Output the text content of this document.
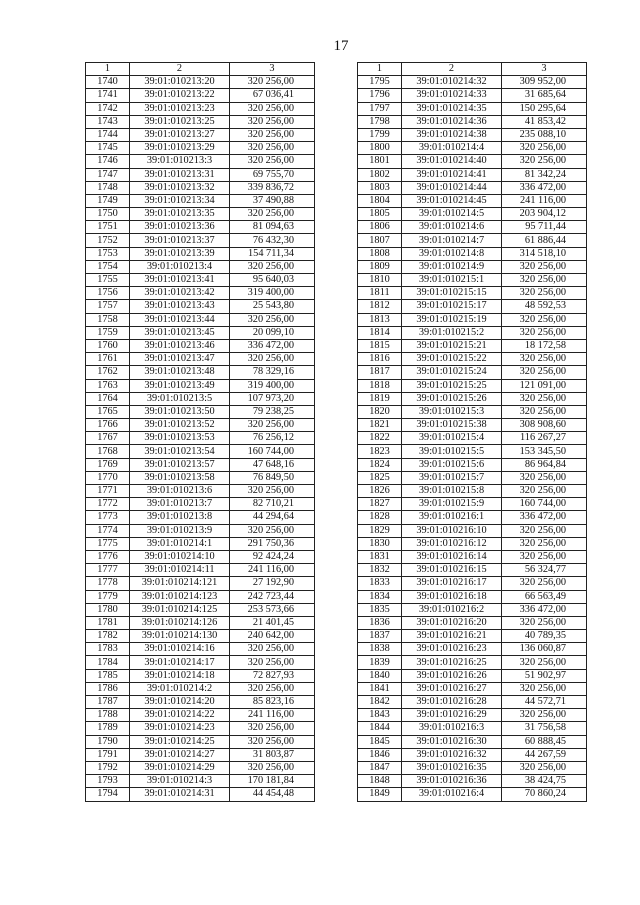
17
1	2	3
1740	39:01:010213:20	320 256,00
1741	39:01:010213:22	67 036,41
1742	39:01:010213:23	320 256,00
1743	39:01:010213:25	320 256,00
1744	39:01:010213:27	320 256,00
1745	39:01:010213:29	320 256,00
1746	39:01:010213:3	320 256,00
1747	39:01:010213:31	69 755,70
1748	39:01:010213:32	339 836,72
1749	39:01:010213:34	37 490,88
1750	39:01:010213:35	320 256,00
1751	39:01:010213:36	81 094,63
1752	39:01:010213:37	76 432,30
1753	39:01:010213:39	154 711,34
1754	39:01:010213:4	320 256,00
1755	39:01:010213:41	95 640,03
1756	39:01:010213:42	319 400,00
1757	39:01:010213:43	25 543,80
1758	39:01:010213:44	320 256,00
1759	39:01:010213:45	20 099,10
1760	39:01:010213:46	336 472,00
1761	39:01:010213:47	320 256,00
1762	39:01:010213:48	78 329,16
1763	39:01:010213:49	319 400,00
1764	39:01:010213:5	107 973,20
1765	39:01:010213:50	79 238,25
1766	39:01:010213:52	320 256,00
1767	39:01:010213:53	76 256,12
1768	39:01:010213:54	160 744,00
1769	39:01:010213:57	47 648,16
1770	39:01:010213:58	76 849,50
1771	39:01:010213:6	320 256,00
1772	39:01:010213:7	82 710,21
1773	39:01:010213:8	44 294,64
1774	39:01:010213:9	320 256,00
1775	39:01:010214:1	291 750,36
1776	39:01:010214:10	92 424,24
1777	39:01:010214:11	241 116,00
1778	39:01:010214:121	27 192,90
1779	39:01:010214:123	242 723,44
1780	39:01:010214:125	253 573,66
1781	39:01:010214:126	21 401,45
1782	39:01:010214:130	240 642,00
1783	39:01:010214:16	320 256,00
1784	39:01:010214:17	320 256,00
1785	39:01:010214:18	72 827,93
1786	39:01:010214:2	320 256,00
1787	39:01:010214:20	85 823,16
1788	39:01:010214:22	241 116,00
1789	39:01:010214:23	320 256,00
1790	39:01:010214:25	320 256,00
1791	39:01:010214:27	31 803,87
1792	39:01:010214:29	320 256,00
1793	39:01:010214:3	170 181,84
1794	39:01:010214:31	44 454,48
1	2	3
1795	39:01:010214:32	309 952,00
1796	39:01:010214:33	31 685,64
1797	39:01:010214:35	150 295,64
1798	39:01:010214:36	41 853,42
1799	39:01:010214:38	235 088,10
1800	39:01:010214:4	320 256,00
1801	39:01:010214:40	320 256,00
1802	39:01:010214:41	81 342,24
1803	39:01:010214:44	336 472,00
1804	39:01:010214:45	241 116,00
1805	39:01:010214:5	203 904,12
1806	39:01:010214:6	95 711,44
1807	39:01:010214:7	61 886,44
1808	39:01:010214:8	314 518,10
1809	39:01:010214:9	320 256,00
1810	39:01:010215:1	320 256,00
1811	39:01:010215:15	320 256,00
1812	39:01:010215:17	48 592,53
1813	39:01:010215:19	320 256,00
1814	39:01:010215:2	320 256,00
1815	39:01:010215:21	18 172,58
1816	39:01:010215:22	320 256,00
1817	39:01:010215:24	320 256,00
1818	39:01:010215:25	121 091,00
1819	39:01:010215:26	320 256,00
1820	39:01:010215:3	320 256,00
1821	39:01:010215:38	308 908,60
1822	39:01:010215:4	116 267,27
1823	39:01:010215:5	153 345,50
1824	39:01:010215:6	86 964,84
1825	39:01:010215:7	320 256,00
1826	39:01:010215:8	320 256,00
1827	39:01:010215:9	160 744,00
1828	39:01:010216:1	336 472,00
1829	39:01:010216:10	320 256,00
1830	39:01:010216:12	320 256,00
1831	39:01:010216:14	320 256,00
1832	39:01:010216:15	56 324,77
1833	39:01:010216:17	320 256,00
1834	39:01:010216:18	66 563,49
1835	39:01:010216:2	336 472,00
1836	39:01:010216:20	320 256,00
1837	39:01:010216:21	40 789,35
1838	39:01:010216:23	136 060,87
1839	39:01:010216:25	320 256,00
1840	39:01:010216:26	51 902,97
1841	39:01:010216:27	320 256,00
1842	39:01:010216:28	44 572,71
1843	39:01:010216:29	320 256,00
1844	39:01:010216:3	31 756,58
1845	39:01:010216:30	60 888,45
1846	39:01:010216:32	44 267,59
1847	39:01:010216:35	320 256,00
1848	39:01:010216:36	38 424,75
1849	39:01:010216:4	70 860,24
